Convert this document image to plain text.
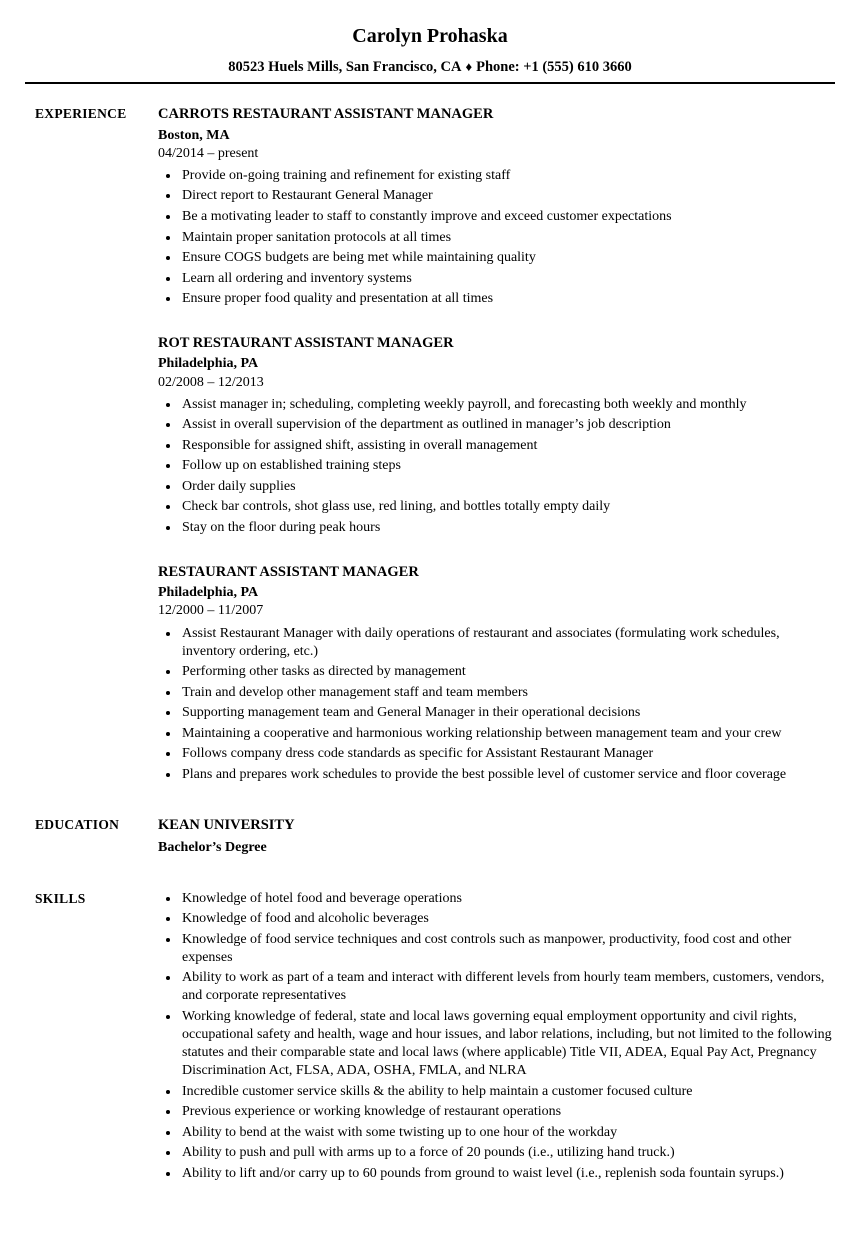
Carolyn Prohaska
80523 Huels Mills, San Francisco, CA ♦ Phone: +1 (555) 610 3660
EXPERIENCE	CARROTS RESTAURANT ASSISTANT MANAGER
Boston, MA
04/2014 – present
• Provide on-going training and refinement for existing staff
• Direct report to Restaurant General Manager
• Be a motivating leader to staff to constantly improve and exceed customer expectations
• Maintain proper sanitation protocols at all times
• Ensure COGS budgets are being met while maintaining quality
• Learn all ordering and inventory systems
• Ensure proper food quality and presentation at all times
ROT RESTAURANT ASSISTANT MANAGER
Philadelphia, PA
02/2008 – 12/2013
• Assist manager in; scheduling, completing weekly payroll, and forecasting both weekly and monthly
• Assist in overall supervision of the department as outlined in manager’s job description
• Responsible for assigned shift, assisting in overall management
• Follow up on established training steps
• Order daily supplies
• Check bar controls, shot glass use, red lining, and bottles totally empty daily
• Stay on the floor during peak hours
RESTAURANT ASSISTANT MANAGER
Philadelphia, PA
12/2000 – 11/2007
• Assist Restaurant Manager with daily operations of restaurant and associates (formulating work schedules, inventory ordering, etc.)
• Performing other tasks as directed by management
• Train and develop other management staff and team members
• Supporting management team and General Manager in their operational decisions
• Maintaining a cooperative and harmonious working relationship between management team and your crew
• Follows company dress code standards as specific for Assistant Restaurant Manager
• Plans and prepares work schedules to provide the best possible level of customer service and floor coverage
EDUCATION	KEAN UNIVERSITY
Bachelor’s Degree
SKILLS	• Knowledge of hotel food and beverage operations
• Knowledge of food and alcoholic beverages
• Knowledge of food service techniques and cost controls such as manpower, productivity, food cost and other expenses
• Ability to work as part of a team and interact with different levels from hourly team members, customers, vendors, and corporate representatives
• Working knowledge of federal, state and local laws governing equal employment opportunity and civil rights, occupational safety and health, wage and hour issues, and labor relations, including, but not limited to the following statutes and their comparable state and local laws (where applicable) Title VII, ADEA, Equal Pay Act, Pregnancy Discrimination Act, FLSA, ADA, OSHA, FMLA, and NLRA
• Incredible customer service skills & the ability to help maintain a customer focused culture
• Previous experience or working knowledge of restaurant operations
• Ability to bend at the waist with some twisting up to one hour of the workday
• Ability to push and pull with arms up to a force of 20 pounds (i.e., utilizing hand truck.)
• Ability to lift and/or carry up to 60 pounds from ground to waist level (i.e., replenish soda fountain syrups.)
